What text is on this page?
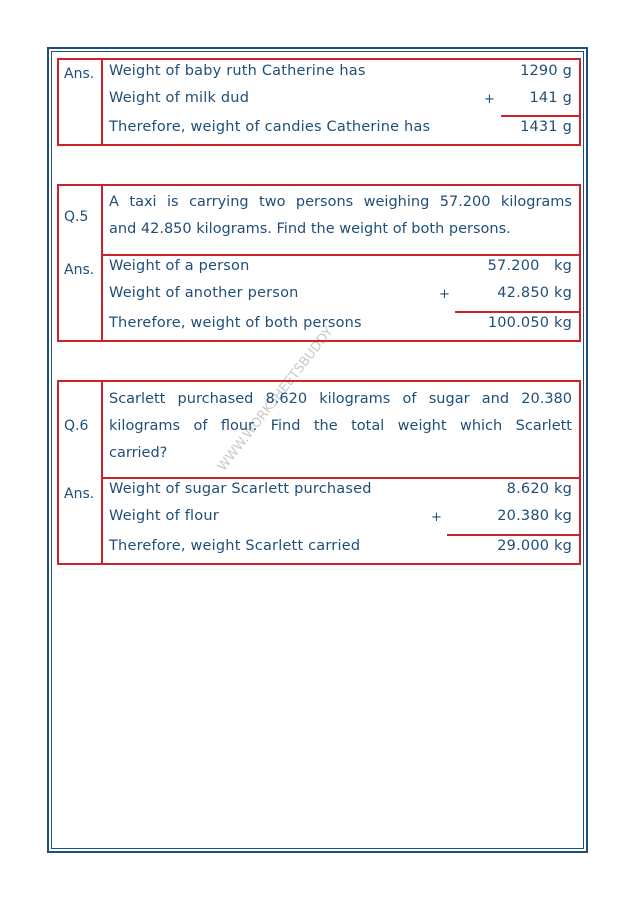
WWW.WORKSHEETSBUDDY
Ans. Weight of baby ruth Catherine has	1290 g
Weight of milk dud	+ 141 g
Therefore, weight of candies Catherine has	1431 g
Q.5
A taxi is carrying two persons weighing 57.200 kilograms
and 42.850 kilograms. Find the weight of both persons.
Ans. Weight of a person	57.200   kg
Weight of another person	+	42.850 kg
Therefore, weight of both persons	100.050 kg
Q.6
Scarlett purchased 8.620 kilograms of sugar and 20.380
kilograms of flour. Find the total weight which Scarlett
carried?
Ans. Weight of sugar Scarlett purchased	8.620 kg
Weight of flour	+	20.380 kg
Therefore, weight Scarlett carried	29.000 kg
